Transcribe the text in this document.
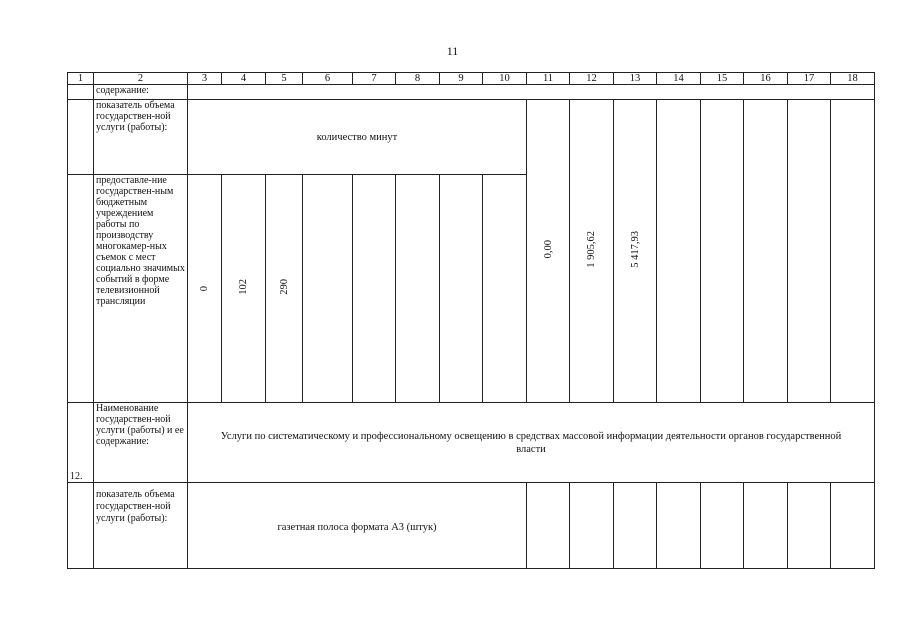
11
1	2	3	4	5	6	7	8	9	10	11	12	13	14	15	16	17	18
	содержание:																
	показатель объема государствен-ной услуги (работы):	количество минут								0,00	1 905,62	5 417,93					
	предоставле-ние государствен-ным бюджетным учреждением работы по производству многокамер-ных съемок с мест социально значимых событий в форме телевизионной трансляции	0	102	290													
12.	Наименование государствен-ной услуги (работы) и ее содержание:	Услуги по систематическому и профессиональному освещению в средствах массовой информации деятельности органов государственной власти															
	показатель объема государствен-ной услуги (работы):	газетная полоса формата А3 (штук)															
